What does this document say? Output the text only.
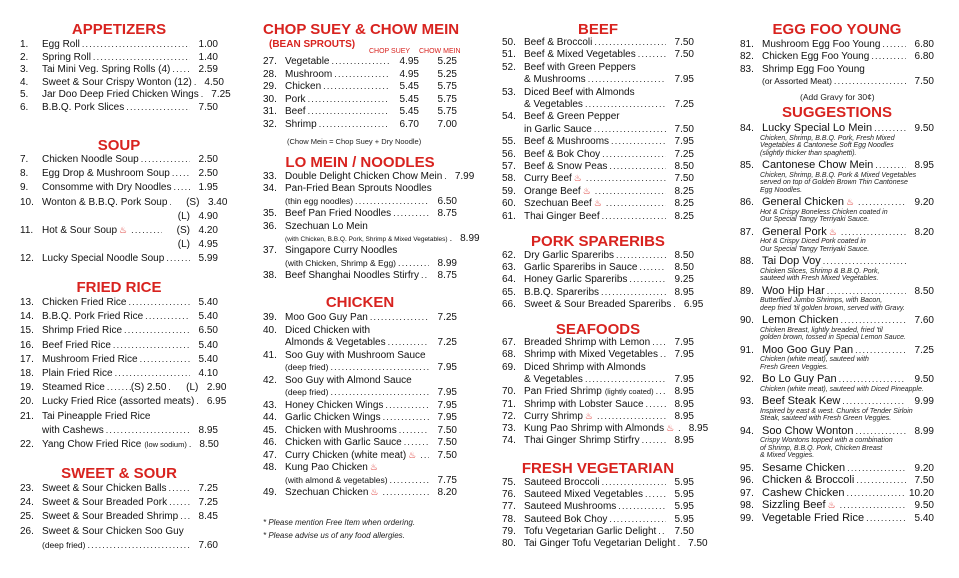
APPETIZERS
1.	Egg Roll .....	1.00
2.	Spring Roll .....	1.40
3.	Tai Mini Veg. Spring Rolls (4) .....	2.59
4.	Sweet & Sour Crispy Wonton (12) .....	4.50
5.	Jar Doo Deep Fried Chicken Wings .....	7.25
6.	B.B.Q. Pork Slices .....	7.50
SOUP
7.	Chicken Noodle Soup .....	2.50
8.	Egg Drop & Mushroom Soup .....	2.50
9.	Consomme with Dry Noodles .....	1.95
10. Wonton & B.B.Q. Pork Soup .....	(S) 3.40
(L) 4.90
11. Hot & Sour Soup ♨ .....	(S) 4.20
(L) 4.95
12. Lucky Special Noodle Soup .....	5.99
FRIED RICE
13. Chicken Fried Rice .....	5.40
14. B.B.Q. Pork Fried Rice .....	5.40
15. Shrimp Fried Rice .....	6.50
16. Beef Fried Rice .....	5.40
17. Mushroom Fried Rice .....	5.40
18. Plain Fried Rice .....	4.10
19. Steamed Rice .....	(S) 2.50 .....	(L) 2.90
20. Lucky Fried Rice (assorted meats) .....	6.95
21. Tai Pineapple Fried Rice
with Cashews .....	8.95
22. Yang Chow Fried Rice (low sodium) .....	8.50
SWEET & SOUR
23. Sweet & Sour Chicken Balls .....	7.25
24. Sweet & Sour Breaded Pork .....	7.25
25. Sweet & Sour Breaded Shrimp .....	8.45
26. Sweet & Sour Chicken Soo Guy
(deep fried) .....	7.60
CHOP SUEY & CHOW MEIN
(BEAN SPROUTS)
CHOP SUEY CHOW MEIN
27. Vegetable .....	4.95	5.25
28. Mushroom .....	4.95	5.25
29. Chicken .....	5.45	5.75
30. Pork .....	5.45	5.75
31. Beef .....	5.45	5.75
32. Shrimp .....	6.70	7.00
(Chow Mein = Chop Suey + Dry Noodle)
LO MEIN / NOODLES
33. Double Delight Chicken Chow Mein .....	7.99
34. Pan-Fried Bean Sprouts Noodles
(thin egg noodles) .....	6.50
35. Beef Pan Fried Noodles .....	8.75
36. Szechuan Lo Mein
(with Chicken, B.B.Q. Pork, Shrimp & Mixed Vegetables) .....	8.99
37. Singapore Curry Noodles
(with Chicken, Shrimp & Egg) .....	8.99
38. Beef Shanghai Noodles Stirfry .....	8.75
CHICKEN
39. Moo Goo Guy Pan .....	7.25
40. Diced Chicken with
Almonds & Vegetables .....	7.25
41. Soo Guy with Mushroom Sauce
(deep fried) .....	7.95
42. Soo Guy with Almond Sauce
(deep fried) .....	7.95
43. Honey Chicken Wings .....	7.95
44. Garlic Chicken Wings .....	7.95
45. Chicken with Mushrooms .....	7.50
46. Chicken with Garlic Sauce .....	7.50
47. Curry Chicken (white meat) ♨ .....	7.50
48. Kung Pao Chicken ♨
(with almond & vegetables) .....	7.75
49. Szechuan Chicken ♨ .....	8.20
* Please mention Free Item when ordering.
* Please advise us of any food allergies.
BEEF
50. Beef & Broccoli .....	7.50
51. Beef & Mixed Vegetables .....	7.50
52. Beef with Green Peppers
& Mushrooms .....	7.95
53. Diced Beef with Almonds
& Vegetables .....	7.25
54. Beef & Green Pepper
in Garlic Sauce .....	7.50
55. Beef & Mushrooms .....	7.95
56. Beef & Bok Choy .....	7.25
57. Beef & Snow Peas .....	8.50
58. Curry Beef ♨ .....	7.50
59. Orange Beef ♨ .....	8.25
60. Szechuan Beef ♨ .....	8.25
61. Thai Ginger Beef .....	8.25
PORK SPARERIBS
62. Dry Garlic Spareribs .....	8.50
63. Garlic Spareribs in Sauce .....	8.50
64. Honey Garlic Spareribs .....	9.25
65. B.B.Q. Spareribs .....	8.95
66. Sweet & Sour Breaded Spareribs .....	6.95
SEAFOODS
67. Breaded Shrimp with Lemon .....	7.95
68. Shrimp with Mixed Vegetables .....	7.95
69. Diced Shrimp with Almonds
& Vegetables .....	7.95
70. Pan Fried Shrimp (lightly coated) .....	8.95
71. Shrimp with Lobster Sauce .....	8.95
72. Curry Shrimp ♨ .....	8.95
73. Kung Pao Shrimp with Almonds ♨ .....	8.95
74. Thai Ginger Shrimp Stirfry .....	8.95
FRESH VEGETARIAN
75. Sauteed Broccoli .....	5.95
76. Sauteed Mixed Vegetables .....	5.95
77. Sauteed Mushrooms .....	5.95
78. Sauteed Bok Choy .....	5.95
79. Tofu Vegetarian Garlic Delight .....	7.50
80. Tai Ginger Tofu Vegetarian Delight .....	7.50
EGG FOO YOUNG
81. Mushroom Egg Foo Young .....	6.80
82. Chicken Egg Foo Young .....	6.80
83. Shrimp Egg Foo Young
(or Assorted Meat) .....	7.50
(Add Gravy for 30¢)
SUGGESTIONS
84. Lucky Special Lo Mein .....	9.50
Chicken, Shrimp, B.B.Q. Pork, Fresh Mixed
Vegetables & Cantonese Soft Egg Noodles
(slightly thicker than spaghetti).
85. Cantonese Chow Mein .....	8.95
Chicken, Shrimp, B.B.Q. Pork & Mixed Vegetables
served on top of Golden Brown Thin Cantonese
Egg Noodles.
86. General Chicken ♨ .....	9.20
Hot & Crispy Boneless Chicken coated in
Our Special Tangy Terriyaki Sauce.
87. General Pork ♨ .....	8.20
Hot & Crispy Diced Pork coated in
Our Special Tangy Terriyaki Sauce.
88. Tai Dop Voy
.....
Chicken Slices, Shrimp & B.B.Q. Pork,
sauteed with Fresh Mixed Vegetables.
89. Woo Hip Har .....	8.50
Butterflied Jumbo Shrimps, with Bacon,
deep fried 'til golden brown, served with Gravy.
90. Lemon Chicken .....	7.60
Chicken Breast, lightly breaded, fried 'til
golden brown, tossed in Special Lemon Sauce.
91. Moo Goo Guy Pan .....	7.25
Chicken (white meat), sauteed with
Fresh Green Veggies.
92. Bo Lo Guy Pan .....	9.50
Chicken (white meat), sauteed with Diced Pineapple.
93. Beef Steak Kew .....	9.99
Inspired by east & west. Chunks of Tender Sirloin
Steak, sauteed with Fresh Green Veggies.
94. Soo Chow Wonton .....	8.99
Crispy Wontons topped with a combination
of Shrimp, B.B.Q. Pork, Chicken Breast
& Mixed Veggies.
95. Sesame Chicken .....	9.20
96. Chicken & Broccoli .....	7.50
97. Cashew Chicken .....	10.20
98. Sizzling Beef ♨ .....	9.50
99. Vegetable Fried Rice .....	5.40
